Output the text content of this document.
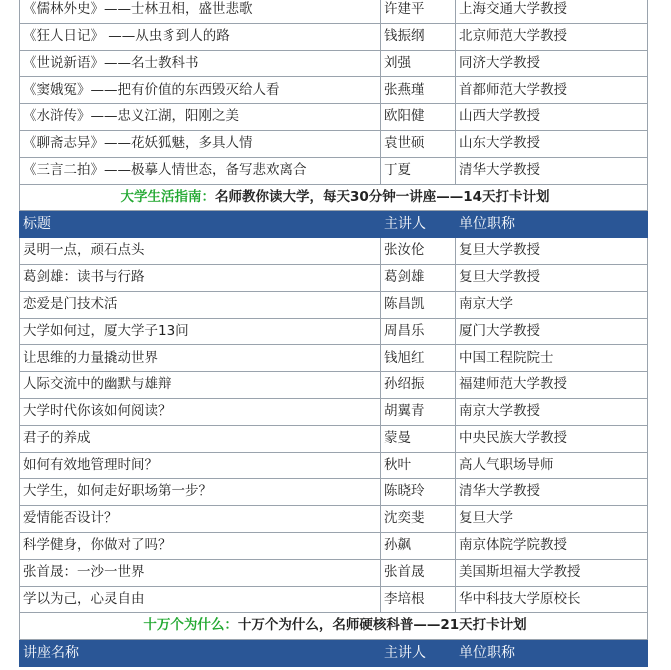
《儒林外史》——士林丑相，盛世悲歌	许建平	上海交通大学教授
《狂人日记》 ——从虫豸到人的路	钱振纲	北京师范大学教授
《世说新语》——名士教科书	刘强	同济大学教授
《窦娥冤》——把有价值的东西毁灭给人看	张燕瑾	首都师范大学教授
《水浒传》——忠义江湖，阳刚之美	欧阳健	山西大学教授
《聊斋志异》——花妖狐魅，多具人情	袁世硕	山东大学教授
《三言二拍》——极摹人情世态，备写悲欢离合	丁夏	清华大学教授
大学生活指南：名师教你读大学，每天30分钟一讲座——14天打卡计划		
标题	主讲人	单位职称
灵明一点，顽石点头	张汝伦	复旦大学教授
葛剑雄：读书与行路	葛剑雄	复旦大学教授
恋爱是门技术活	陈昌凯	南京大学
大学如何过，厦大学子13问	周昌乐	厦门大学教授
让思维的力量撬动世界	钱旭红	中国工程院院士
人际交流中的幽默与雄辩	孙绍振	福建师范大学教授
大学时代你该如何阅读？	胡翼青	南京大学教授
君子的养成	蒙曼	中央民族大学教授
如何有效地管理时间？	秋叶	高人气职场导师
大学生，如何走好职场第一步？	陈晓玲	清华大学教授
爱情能否设计？	沈奕斐	复旦大学
科学健身，你做对了吗？	孙飙	南京体院学院教授
张首晟：一沙一世界	张首晟	美国斯坦福大学教授
学以为己，心灵自由	李培根	华中科技大学原校长
十万个为什么：十万个为什么，名师硬核科普——21天打卡计划		
讲座名称	主讲人	单位职称
